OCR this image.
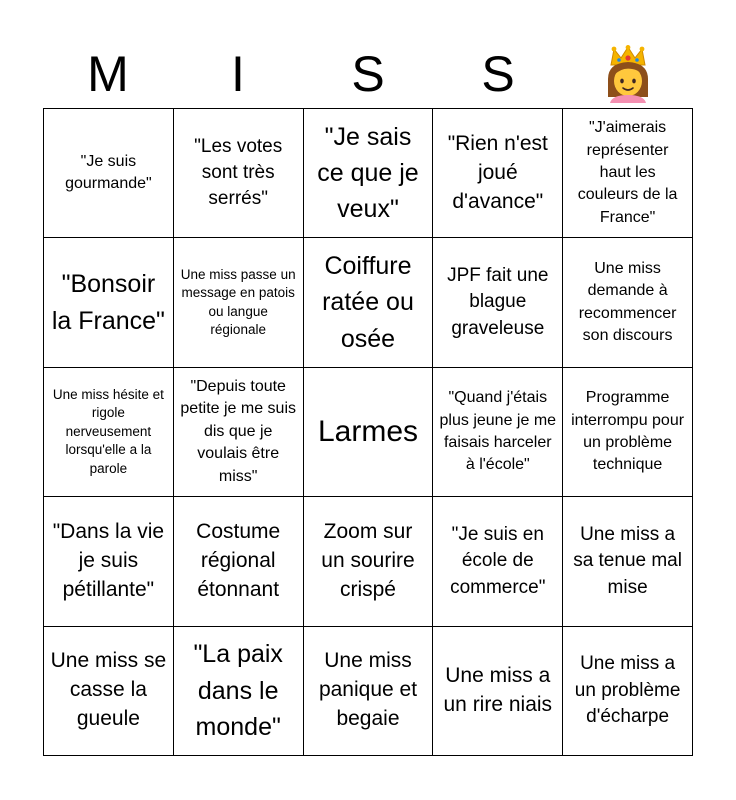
M	I	S	S
"Je suis gourmande"
"Les votes sont très serrés"
"Je sais ce que je veux"
"Rien n'est joué d'avance"
"J'aimerais représenter haut les couleurs de la France"
"Bonsoir la France"
Une miss passe un message en patois ou langue régionale
Coiffure ratée ou osée
JPF fait une blague graveleuse
Une miss demande à recommencer son discours
Une miss hésite et rigole nerveusement lorsqu'elle a la parole
"Depuis toute petite je me suis dis que je voulais être miss"
Larmes
"Quand j'étais plus jeune je me faisais harceler à l'école"
Programme interrompu pour un problème technique
"Dans la vie je suis pétillante"
Costume régional étonnant
Zoom sur un sourire crispé
"Je suis en école de commerce"
Une miss a sa tenue mal mise
Une miss se casse la gueule
"La paix dans le monde"
Une miss panique et begaie
Une miss a un rire niais
Une miss a un problème d'écharpe
